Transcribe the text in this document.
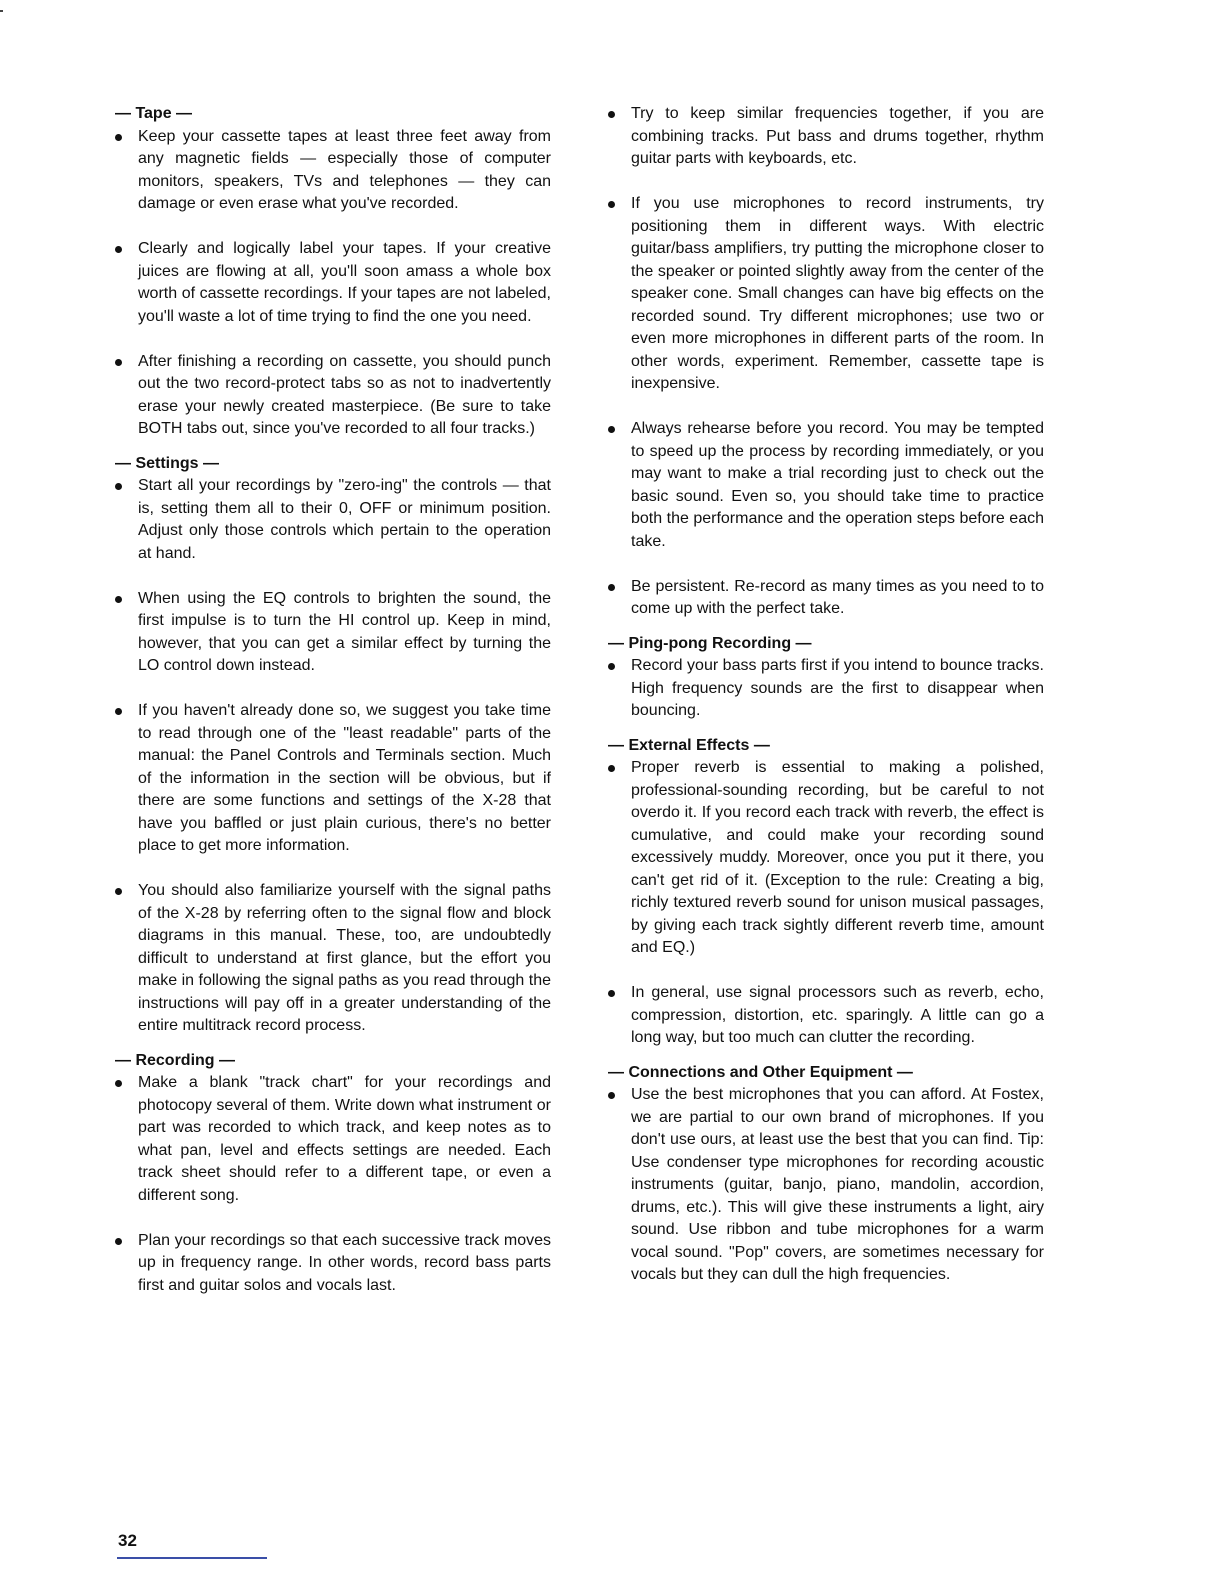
— Tape —

Keep your cassette tapes at least three feet away from any magnetic fields — especially those of computer monitors, speakers, TVs and telephones — they can damage or even erase what you've recorded.
Clearly and logically label your tapes. If your creative juices are flowing at all, you'll soon amass a whole box worth of cassette recordings. If your tapes are not labeled, you'll waste a lot of time trying to find the one you need.
After finishing a recording on cassette, you should punch out the two record-protect tabs so as not to inadvertently erase your newly created masterpiece. (Be sure to take BOTH tabs out, since you've recorded to all four tracks.)

— Settings —

Start all your recordings by "zero-ing" the controls — that is, setting them all to their 0, OFF or minimum position. Adjust only those controls which pertain to the operation at hand.
When using the EQ controls to brighten the sound, the first impulse is to turn the HI control up. Keep in mind, however, that you can get a similar effect by turning the LO control down instead.
If you haven't already done so, we suggest you take time to read through one of the "least readable" parts of the manual: the Panel Controls and Terminals section. Much of the information in the section will be obvious, but if there are some functions and settings of the X-28 that have you baffled or just plain curious, there's no better place to get more information.
You should also familiarize yourself with the signal paths of the X-28 by referring often to the signal flow and block diagrams in this manual. These, too, are undoubtedly difficult to understand at first glance, but the effort you make in following the signal paths as you read through the instructions will pay off in a greater understanding of the entire multitrack record process.

— Recording —

Make a blank "track chart" for your recordings and photocopy several of them. Write down what instrument or part was recorded to which track, and keep notes as to what pan, level and effects settings are needed. Each track sheet should refer to a different tape, or even a different song.
Plan your recordings so that each successive track moves up in frequency range. In other words, record bass parts first and guitar solos and vocals last.
Try to keep similar frequencies together, if you are combining tracks. Put bass and drums together, rhythm guitar parts with keyboards, etc.
If you use microphones to record instruments, try positioning them in different ways. With electric guitar/bass amplifiers, try putting the microphone closer to the speaker or pointed slightly away from the center of the speaker cone. Small changes can have big effects on the recorded sound. Try different microphones; use two or even more microphones in different parts of the room. In other words, experiment. Remember, cassette tape is inexpensive.
Always rehearse before you record. You may be tempted to speed up the process by recording immediately, or you may want to make a trial recording just to check out the basic sound. Even so, you should take time to practice both the performance and the operation steps before each take.
Be persistent. Re-record as many times as you need to to come up with the perfect take.

— Ping-pong Recording —

Record your bass parts first if you intend to bounce tracks. High frequency sounds are the first to disappear when bouncing.

— External Effects —

Proper reverb is essential to making a polished, professional-sounding recording, but be careful to not overdo it. If you record each track with reverb, the effect is cumulative, and could make your recording sound excessively muddy. Moreover, once you put it there, you can't get rid of it. (Exception to the rule: Creating a big, richly textured reverb sound for unison musical passages, by giving each track sightly different reverb time, amount and EQ.)
In general, use signal processors such as reverb, echo, compression, distortion, etc. sparingly. A little can go a long way, but too much can clutter the recording.

— Connections and Other Equipment —

Use the best microphones that you can afford. At Fostex, we are partial to our own brand of microphones. If you don't use ours, at least use the best that you can find. Tip: Use condenser type microphones for recording acoustic instruments (guitar, banjo, piano, mandolin, accordion, drums, etc.). This will give these instruments a light, airy sound. Use ribbon and tube microphones for a warm vocal sound. "Pop" covers, are sometimes necessary for vocals but they can dull the high frequencies.
32
